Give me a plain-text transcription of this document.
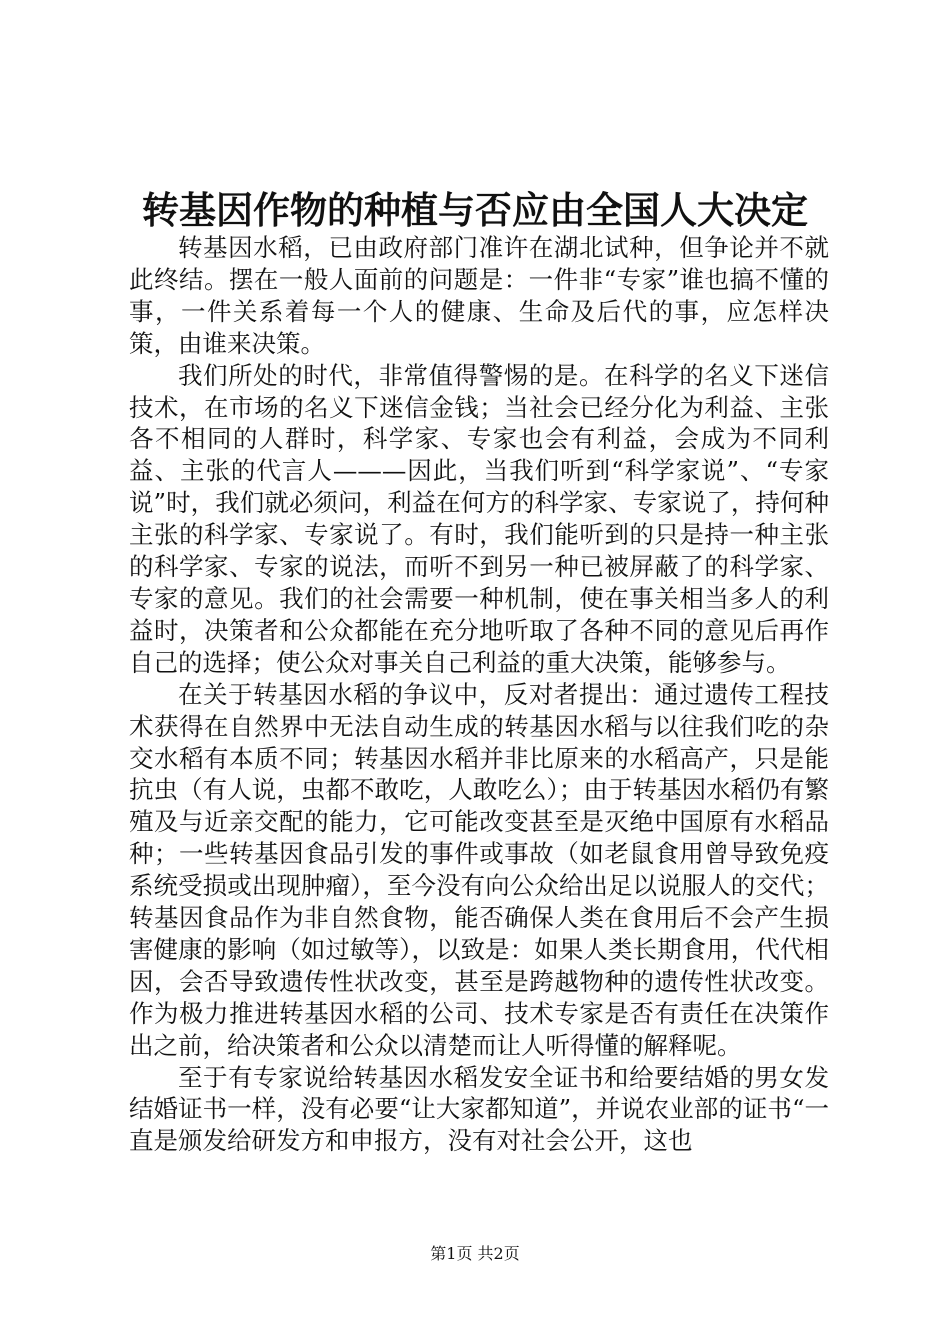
转基因作物的种植与否应由全国人大决定

转基因水稻，已由政府部门准许在湖北试种，但争论并不就此终结。摆在一般人面前的问题是：一件非“专家”谁也搞不懂的事，一件关系着每一个人的健康、生命及后代的事，应怎样决策，由谁来决策。

我们所处的时代，非常值得警惕的是。在科学的名义下迷信技术，在市场的名义下迷信金钱；当社会已经分化为利益、主张各不相同的人群时，科学家、专家也会有利益，会成为不同利益、主张的代言人———因此，当我们听到“科学家说”、“专家说”时，我们就必须问，利益在何方的科学家、专家说了，持何种主张的科学家、专家说了。有时，我们能听到的只是持一种主张的科学家、专家的说法，而听不到另一种已被屏蔽了的科学家、专家的意见。我们的社会需要一种机制，使在事关相当多人的利益时，决策者和公众都能在充分地听取了各种不同的意见后再作自己的选择；使公众对事关自己利益的重大决策，能够参与。

在关于转基因水稻的争议中，反对者提出：通过遗传工程技术获得在自然界中无法自动生成的转基因水稻与以往我们吃的杂交水稻有本质不同；转基因水稻并非比原来的水稻高产，只是能抗虫（有人说，虫都不敢吃，人敢吃么）；由于转基因水稻仍有繁殖及与近亲交配的能力，它可能改变甚至是灭绝中国原有水稻品种；一些转基因食品引发的事件或事故（如老鼠食用曾导致免疫系统受损或出现肿瘤），至今没有向公众给出足以说服人的交代；转基因食品作为非自然食物，能否确保人类在食用后不会产生损害健康的影响（如过敏等），以致是：如果人类长期食用，代代相因，会否导致遗传性状改变，甚至是跨越物种的遗传性状改变。作为极力推进转基因水稻的公司、技术专家是否有责任在决策作出之前，给决策者和公众以清楚而让人听得懂的解释呢。

至于有专家说给转基因水稻发安全证书和给要结婚的男女发结婚证书一样，没有必要“让大家都知道”，并说农业部的证书“一直是颁发给研发方和申报方，没有对社会公开，这也

第1页 共2页
